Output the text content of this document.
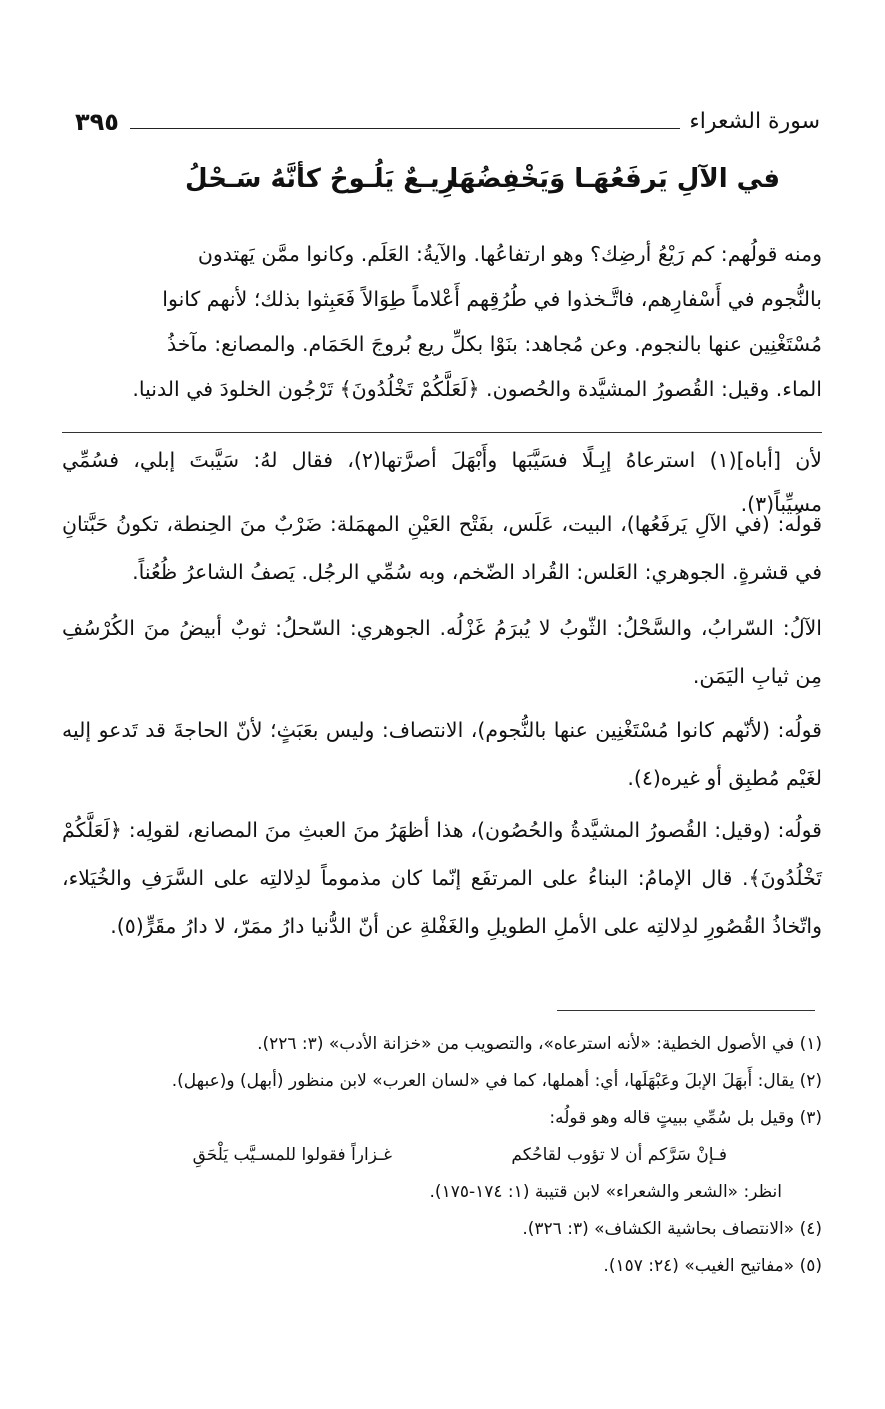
سورة الشعراء
٣٩٥
في الآلِ يَرفَعُهَـا وَيَخْفِضُهَا
رِيـعٌ يَلُـوحُ كأنَّهُ سَـحْلُ
ومنه قولُهم: كم رَيْعُ أرضِك؟ وهو ارتفاعُها. والآيةُ: العَلَم. وكانوا ممَّن يَهتدون
بالنُّجوم في أَسْفارِهم، فاتَّـخذوا في طُرُقِهم أَعْلاماً طِوَالاً فَعَبِثوا بذلك؛ لأنهم كانوا
مُسْتَغْنِين عنها بالنجوم. وعن مُجاهد: بنَوْا بكلِّ ريع بُروجَ الحَمَام. والمصانع: مآخذُ
الماء. وقيل: القُصورُ المشيَّدة والحُصون. ﴿لَعَلَّكُمْ تَخْلُدُونَ﴾ تَرْجُون الخلودَ في الدنيا.
لأن [أباه](١) استرعاهُ إبِـلًا فسَيَّبَها وأَبْهَلَ أصرَّتها(٢)، فقال لهُ: سَيَّبتَ إبلي، فسُمِّي مسيِّباً(٣).
قولُه: (في الآلِ يَرفَعُها)، البيت، عَلَس، بفَتْح العَيْنِ المهمَلة: ضَرْبٌ منَ الحِنطة، تكونُ حَبَّتانِ في قشرةٍ. الجوهري: العَلس: القُراد الضّخم، وبه سُمِّي الرجُل. يَصفُ الشاعرُ ظُعُناً.
الآلُ: السّرابُ، والسَّحْلُ: الثّوبُ لا يُبرَمُ غَزْلُه. الجوهري: السّحلُ: ثوبٌ أبيضُ منَ الكُرْسُفِ مِن ثيابِ اليَمَن.
قولُه: (لأنّهم كانوا مُسْتَغْنِين عنها بالنُّجوم)، الانتصاف: وليس بعَبَثٍ؛ لأنّ الحاجةَ قد تَدعو إليه لغَيْم مُطبِق أو غيره(٤).
قولُه: (وقيل: القُصورُ المشيَّدةُ والحُصُون)، هذا أظهَرُ منَ العبثِ منَ المصانع، لقولِه: ﴿لَعَلَّكُمْ تَخْلُدُونَ﴾. قال الإمامُ: البناءُ على المرتفَع إنّما كان مذموماً لدِلالتِه على السَّرَفِ والخُيَلاء، واتّخاذُ القُصُورِ لدِلالتِه على الأملِ الطويلِ والغَفْلةِ عن أنّ الدُّنيا دارُ ممَرّ، لا دارُ مقَرٍّ(٥).
(١) في الأصول الخطية: «لأنه استرعاه»، والتصويب من «خزانة الأدب» (٣: ٢٢٦).
(٢) يقال: أَبهَلَ الإبلَ وعَبْهَلَها، أي: أهملها، كما في «لسان العرب» لابن منظور (أبهل) و(عبهل).
(٣) وقيل بل سُمِّي ببيتٍ قاله وهو قولُه:
فـإنْ سَرَّكم أن لا تؤوب لقاحُكم
غـزاراً فقولوا للمسـيَّب يَلْحَقِ
انظر: «الشعر والشعراء» لابن قتيبة (١: ١٧٤-١٧٥).
(٤) «الانتصاف بحاشية الكشاف» (٣: ٣٢٦).
(٥) «مفاتيح الغيب» (٢٤: ١٥٧).
